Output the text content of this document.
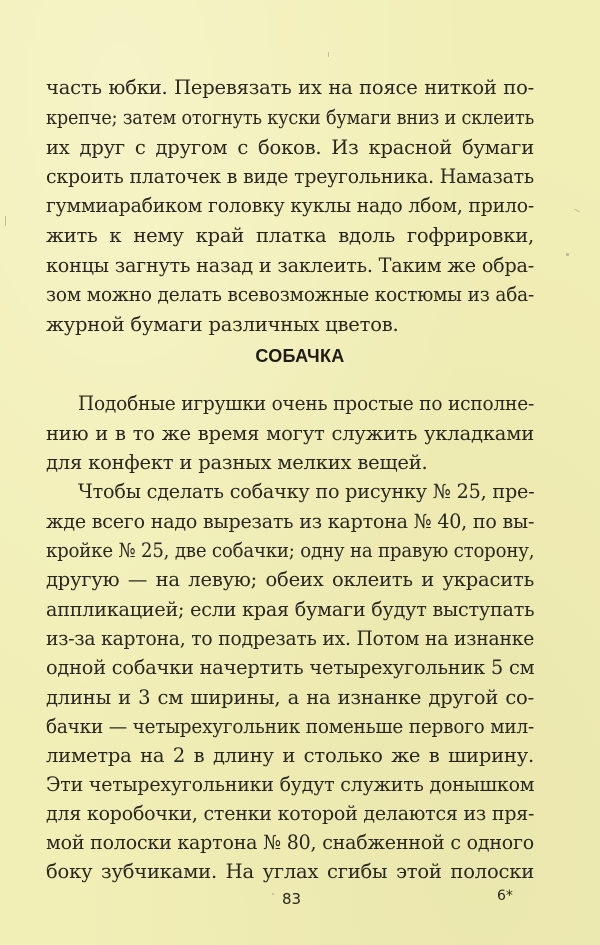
часть юбки. Перевязать их на поясе ниткой по-
крепче; затем отогнуть куски бумаги вниз и склеить
их друг с другом с боков. Из красной бумаги
скроить платочек в виде треугольника. Намазать
гуммиарабиком головку куклы надо лбом, прило-
жить к нему край платка вдоль гофрировки,
концы загнуть назад и заклеить. Таким же обра-
зом можно делать всевозможные костюмы из аба-
журной бумаги различных цветов.
СОБАЧКА
Подобные игрушки очень простые по исполне-
нию и в то же время могут служить укладками
для конфект и разных мелких вещей.
Чтобы сделать собачку по рисунку № 25, пре-
жде всего надо вырезать из картона № 40, по вы-
кройке № 25, две собачки; одну на правую сторону,
другую — на левую; обеих оклеить и украсить
аппликацией; если края бумаги будут выступать
из-за картона, то подрезать их. Потом на изнанке
одной собачки начертить четырехугольник 5 см
длины и 3 см ширины, а на изнанке другой со-
бачки — четырехугольник поменьше первого мил-
лиметра на 2 в длину и столько же в ширину.
Эти четырехугольники будут служить донышком
для коробочки, стенки которой делаются из пря-
мой полоски картона № 80, снабженной с одного
боку зубчиками. На углах сгибы этой полоски
83	6*
